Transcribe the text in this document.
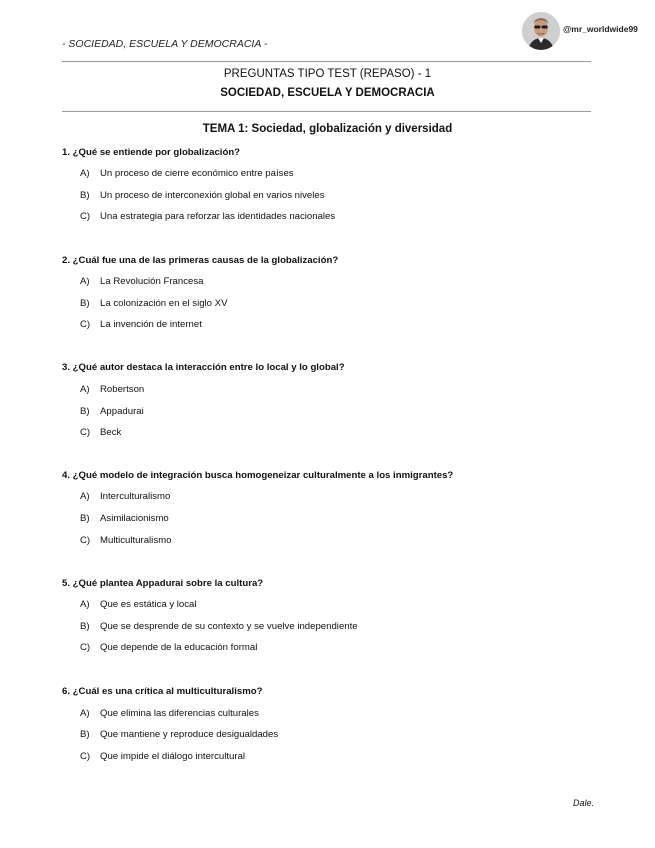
- SOCIEDAD, ESCUELA Y DEMOCRACIA -
@mr_worldwide99
PREGUNTAS TIPO TEST (REPASO) - 1
SOCIEDAD, ESCUELA Y DEMOCRACIA
TEMA 1: Sociedad, globalización y diversidad
1. ¿Qué se entiende por globalización?
A) Un proceso de cierre económico entre países
B) Un proceso de interconexión global en varios niveles
C) Una estrategia para reforzar las identidades nacionales
2. ¿Cuál fue una de las primeras causas de la globalización?
A) La Revolución Francesa
B) La colonización en el siglo XV
C) La invención de internet
3. ¿Qué autor destaca la interacción entre lo local y lo global?
A) Robertson
B) Appadurai
C) Beck
4. ¿Qué modelo de integración busca homogeneizar culturalmente a los inmigrantes?
A) Interculturalismo
B) Asimilacionismo
C) Multiculturalismo
5. ¿Qué plantea Appadurai sobre la cultura?
A) Que es estática y local
B) Que se desprende de su contexto y se vuelve independiente
C) Que depende de la educación formal
6. ¿Cuál es una crítica al multiculturalismo?
A) Que elimina las diferencias culturales
B) Que mantiene y reproduce desigualdades
C) Que impide el diálogo intercultural
Dale.
